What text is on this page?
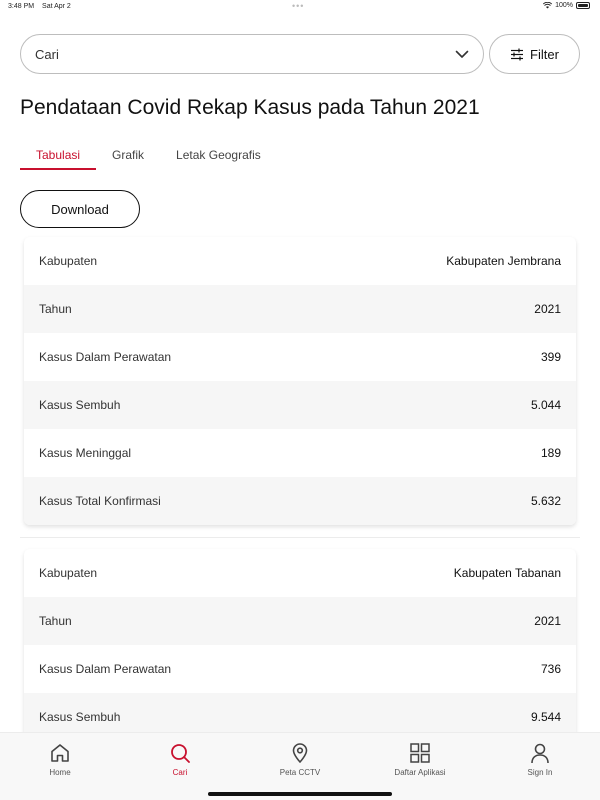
3:48 PM Sat Apr 2	•••	100%
Cari	Filter
Pendataan Covid Rekap Kasus pada Tahun 2021
Tabulasi	Grafik	Letak Geografis
Download
Kabupaten	Kabupaten Jembrana
Tahun	2021
Kasus Dalam Perawatan	399
Kasus Sembuh	5.044
Kasus Meninggal	189
Kasus Total Konfirmasi	5.632
Kabupaten	Kabupaten Tabanan
Tahun	2021
Kasus Dalam Perawatan	736
Kasus Sembuh	9.544
Home	Cari	Peta CCTV	Daftar Aplikasi	Sign In
